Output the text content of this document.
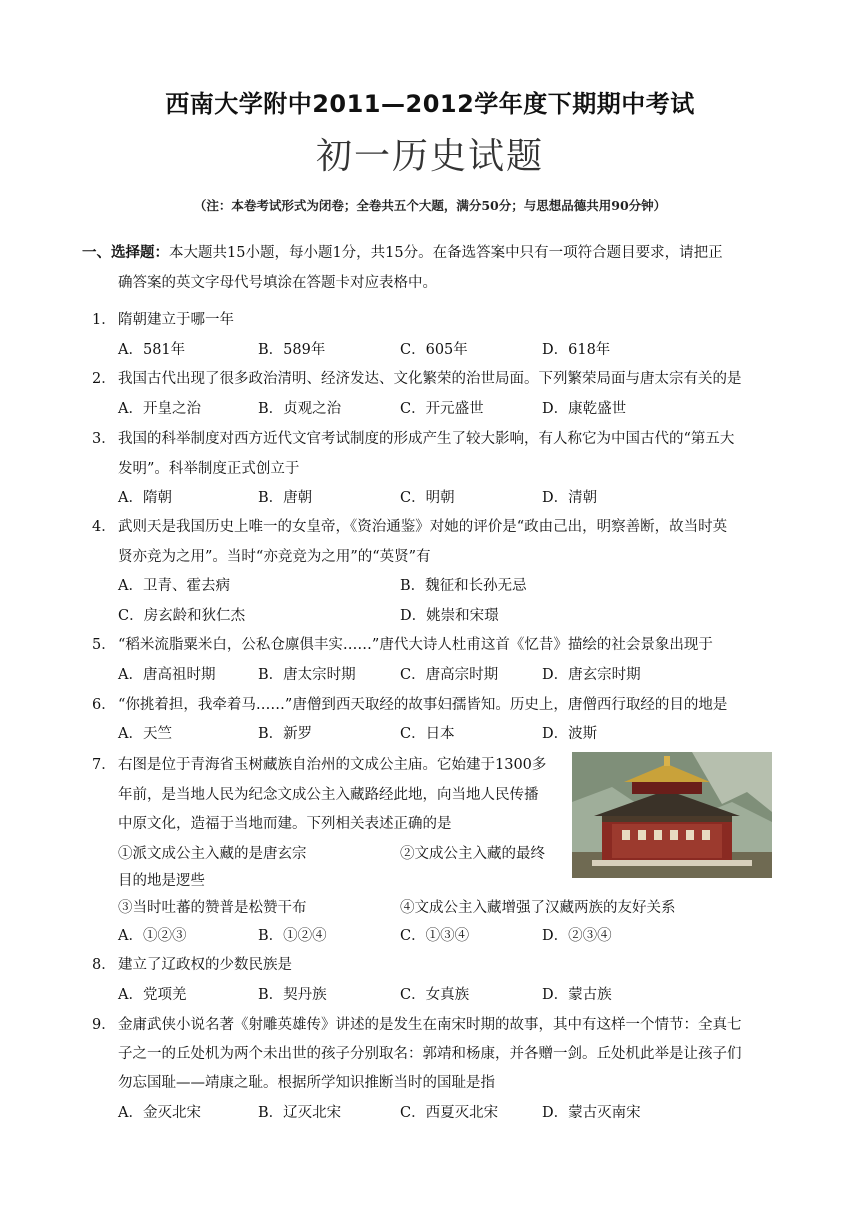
西南大学附中2011—2012学年度下期期中考试
初一历史试题
（注：本卷考试形式为闭卷；全卷共五个大题，满分50分；与思想品德共用90分钟）
一、选择题：本大题共15小题，每小题1分，共15分。在备选答案中只有一项符合题目要求，请把正
确答案的英文字母代号填涂在答题卡对应表格中。
1． 隋朝建立于哪一年
A．581年	B．589年	C．605年	D．618年
2． 我国古代出现了很多政治清明、经济发达、文化繁荣的治世局面。下列繁荣局面与唐太宗有关的是
A．开皇之治	B．贞观之治	C．开元盛世	D．康乾盛世
3． 我国的科举制度对西方近代文官考试制度的形成产生了较大影响，有人称它为中国古代的“第五大
发明”。科举制度正式创立于
A．隋朝	B．唐朝	C．明朝	D．清朝
4． 武则天是我国历史上唯一的女皇帝，《资治通鉴》对她的评价是“政由己出，明察善断，故当时英
贤亦竞为之用”。当时“亦竞竞为之用”的“英贤”有
A．卫青、霍去病	B．魏征和长孙无忌
C．房玄龄和狄仁杰	D．姚崇和宋璟
5． “稻米流脂粟米白，公私仓廪俱丰实……”唐代大诗人杜甫这首《忆昔》描绘的社会景象出现于
A．唐高祖时期	B．唐太宗时期	C．唐高宗时期	D．唐玄宗时期
6． “你挑着担，我牵着马……”唐僧到西天取经的故事妇孺皆知。历史上，唐僧西行取经的目的地是
A．天竺	B．新罗	C．日本	D．波斯
7． 右图是位于青海省玉树藏族自治州的文成公主庙。它始建于1300多
年前，是当地人民为纪念文成公主入藏路经此地，向当地人民传播
中原文化，造福于当地而建。下列相关表述正确的是
①派文成公主入藏的是唐玄宗	②文成公主入藏的最终
目的地是逻些
③当时吐蕃的赞普是松赞干布	④文成公主入藏增强了汉藏两族的友好关系
A．①②③	B．①②④	C．①③④	D．②③④
8． 建立了辽政权的少数民族是
A．党项羌	B．契丹族	C．女真族	D．蒙古族
9． 金庸武侠小说名著《射雕英雄传》讲述的是发生在南宋时期的故事，其中有这样一个情节：全真七
子之一的丘处机为两个未出世的孩子分别取名：郭靖和杨康，并各赠一剑。丘处机此举是让孩子们
勿忘国耻——靖康之耻。根据所学知识推断当时的国耻是指
A．金灭北宋	B．辽灭北宋	C．西夏灭北宋	D．蒙古灭南宋
